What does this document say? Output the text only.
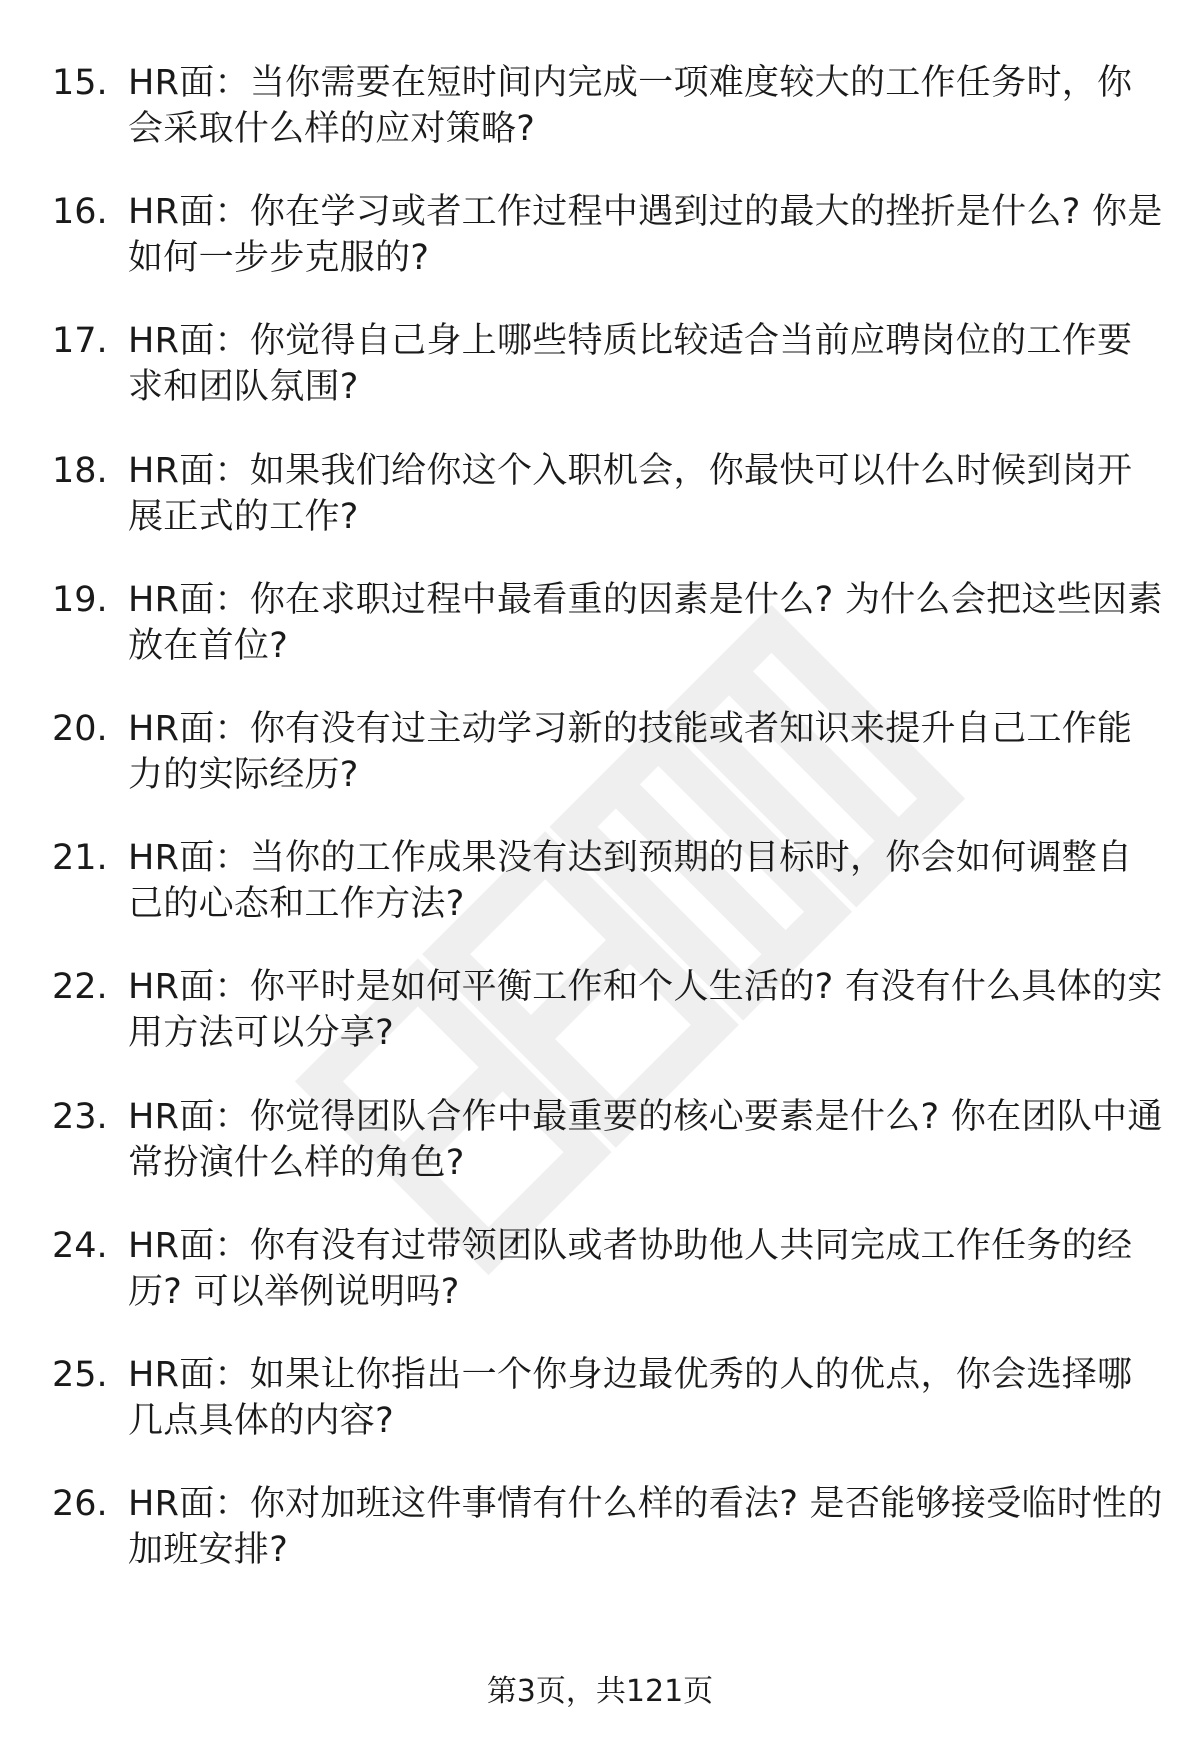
15. HR面：当你需要在短时间内完成一项难度较大的工作任务时，你会采取什么样的应对策略?
16. HR面：你在学习或者工作过程中遇到过的最大的挫折是什么? 你是如何一步步克服的?
17. HR面：你觉得自己身上哪些特质比较适合当前应聘岗位的工作要求和团队氛围?
18. HR面：如果我们给你这个入职机会，你最快可以什么时候到岗开展正式的工作?
19. HR面：你在求职过程中最看重的因素是什么? 为什么会把这些因素放在首位?
20. HR面：你有没有过主动学习新的技能或者知识来提升自己工作能力的实际经历?
21. HR面：当你的工作成果没有达到预期的目标时，你会如何调整自己的心态和工作方法?
22. HR面：你平时是如何平衡工作和个人生活的? 有没有什么具体的实用方法可以分享?
23. HR面：你觉得团队合作中最重要的核心要素是什么? 你在团队中通常扮演什么样的角色?
24. HR面：你有没有过带领团队或者协助他人共同完成工作任务的经历? 可以举例说明吗?
25. HR面：如果让你指出一个你身边最优秀的人的优点，你会选择哪几点具体的内容?
26. HR面：你对加班这件事情有什么样的看法? 是否能够接受临时性的加班安排?
第3页，共121页
